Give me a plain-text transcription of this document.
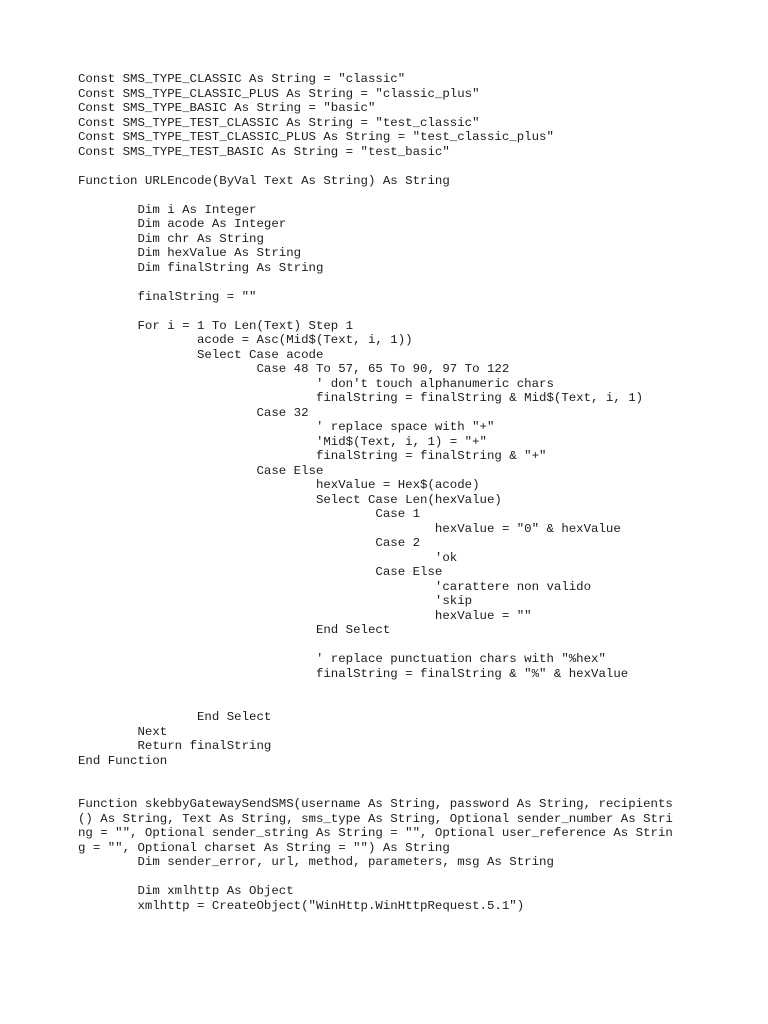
Const SMS_TYPE_CLASSIC As String = "classic"
Const SMS_TYPE_CLASSIC_PLUS As String = "classic_plus"
Const SMS_TYPE_BASIC As String = "basic"
Const SMS_TYPE_TEST_CLASSIC As String = "test_classic"
Const SMS_TYPE_TEST_CLASSIC_PLUS As String = "test_classic_plus"
Const SMS_TYPE_TEST_BASIC As String = "test_basic"
Function URLEncode(ByVal Text As String) As String
Dim i As Integer
Dim acode As Integer
Dim chr As String
Dim hexValue As String
Dim finalString As String
finalString = ""
For i = 1 To Len(Text) Step 1
acode = Asc(Mid$(Text, i, 1))
Select Case acode
Case 48 To 57, 65 To 90, 97 To 122
' don't touch alphanumeric chars
finalString = finalString & Mid$(Text, i, 1)
Case 32
' replace space with "+"
'Mid$(Text, i, 1) = "+"
finalString = finalString & "+"
Case Else
hexValue = Hex$(acode)
Select Case Len(hexValue)
Case 1
hexValue = "0" & hexValue
Case 2
'ok
Case Else
'carattere non valido
'skip
hexValue = ""
End Select
' replace punctuation chars with "%hex"
finalString = finalString & "%" & hexValue
End Select
Next
Return finalString
End Function
Function skebbyGatewaySendSMS(username As String, password As String, recipients
() As String, Text As String, sms_type As String, Optional sender_number As Stri
ng = "", Optional sender_string As String = "", Optional user_reference As Strin
g = "", Optional charset As String = "") As String
Dim sender_error, url, method, parameters, msg As String
Dim xmlhttp As Object
xmlhttp = CreateObject("WinHttp.WinHttpRequest.5.1")
